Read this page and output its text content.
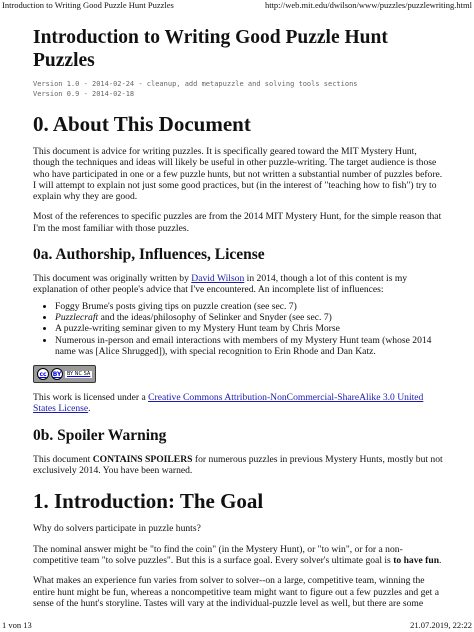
Introduction to Writing Good Puzzle Hunt Puzzles	http://web.mit.edu/dwilson/www/puzzles/puzzlewriting.html
Introduction to Writing Good Puzzle Hunt Puzzles
Version 1.0 - 2014-02-24 - cleanup, add metapuzzle and solving tools sections
Version 0.9 - 2014-02-18
0. About This Document

This document is advice for writing puzzles. It is specifically geared toward the MIT Mystery Hunt, though the techniques and ideas will likely be useful in other puzzle-writing. The target audience is those who have participated in one or a few puzzle hunts, but not written a substantial number of puzzles before. I will attempt to explain not just some good practices, but (in the interest of "teaching how to fish") try to explain why they are good.

Most of the references to specific puzzles are from the 2014 MIT Mystery Hunt, for the simple reason that I'm the most familiar with those puzzles.

0a. Authorship, Influences, License

This document was originally written by David Wilson in 2014, though a lot of this content is my explanation of other people's advice that I've encountered. An incomplete list of influences:

• Foggy Brume's posts giving tips on puzzle creation (see sec. 7)
• Puzzlecraft and the ideas/philosophy of Selinker and Snyder (see sec. 7)
• A puzzle-writing seminar given to my Mystery Hunt team by Chris Morse
• Numerous in-person and email interactions with members of my Mystery Hunt team (whose 2014 name was [Alice Shrugged]), with special recognition to Erin Rhode and Dan Katz.
cc	BY	BY NC SA

This work is licensed under a Creative Commons Attribution-NonCommercial-ShareAlike 3.0 United States License.

0b. Spoiler Warning

This document CONTAINS SPOILERS for numerous puzzles in previous Mystery Hunts, mostly but not exclusively 2014. You have been warned.

1. Introduction: The Goal

Why do solvers participate in puzzle hunts?

The nominal answer might be "to find the coin" (in the Mystery Hunt), or "to win", or for a non-competitive team "to solve puzzles". But this is a surface goal. Every solver's ultimate goal is to have fun.

What makes an experience fun varies from solver to solver--on a large, competitive team, winning the entire hunt might be fun, whereas a noncompetitive team might want to figure out a few puzzles and get a sense of the hunt's storyline. Tastes will vary at the individual-puzzle level as well, but there are some

1 von 13	21.07.2019, 22:22
